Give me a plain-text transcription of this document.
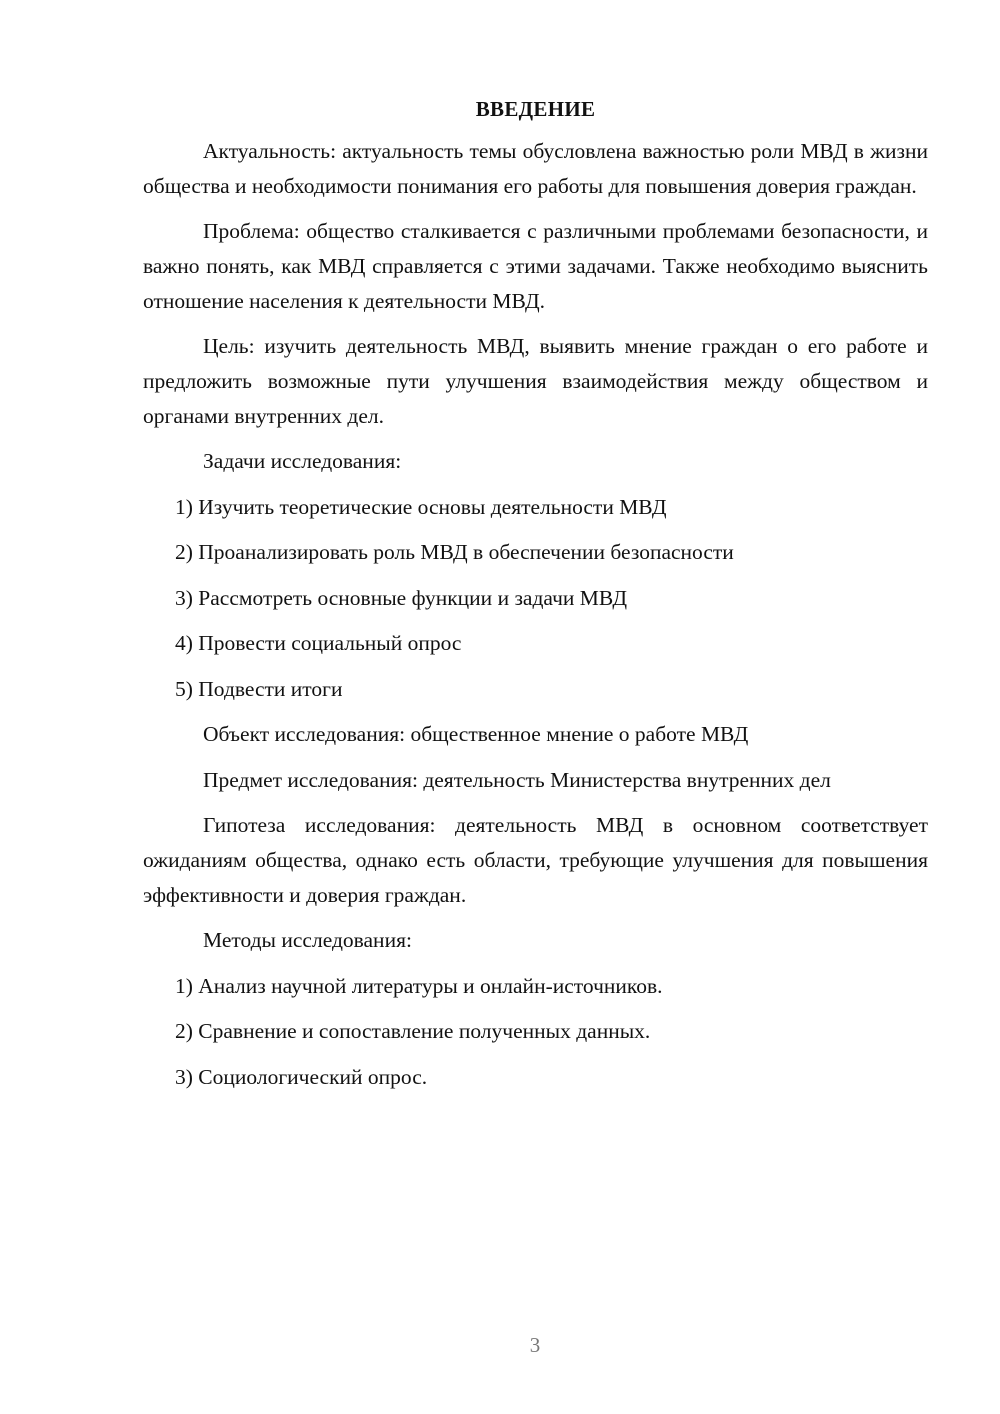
ВВЕДЕНИЕ

Актуальность: актуальность темы обусловлена важностью роли МВД в жизни общества и необходимости понимания его работы для повышения доверия граждан.

Проблема: общество сталкивается с различными проблемами безопасности, и важно понять, как МВД справляется с этими задачами. Также необходимо выяснить отношение населения к деятельности МВД.

Цель: изучить деятельность МВД, выявить мнение граждан о его работе и предложить возможные пути улучшения взаимодействия между обществом и органами внутренних дел.

Задачи исследования:
1) Изучить теоретические основы деятельности МВД
2) Проанализировать роль МВД в обеспечении безопасности
3) Рассмотреть основные функции и задачи МВД
4) Провести социальный опрос
5) Подвести итоги
Объект исследования: общественное мнение о работе МВД
Предмет исследования: деятельность Министерства внутренних дел

Гипотеза исследования: деятельность МВД в основном соответствует ожиданиям общества, однако есть области, требующие улучшения для повышения эффективности и доверия граждан.

Методы исследования:
1) Анализ научной литературы и онлайн-источников.
2) Сравнение и сопоставление полученных данных.
3) Социологический опрос.
3
